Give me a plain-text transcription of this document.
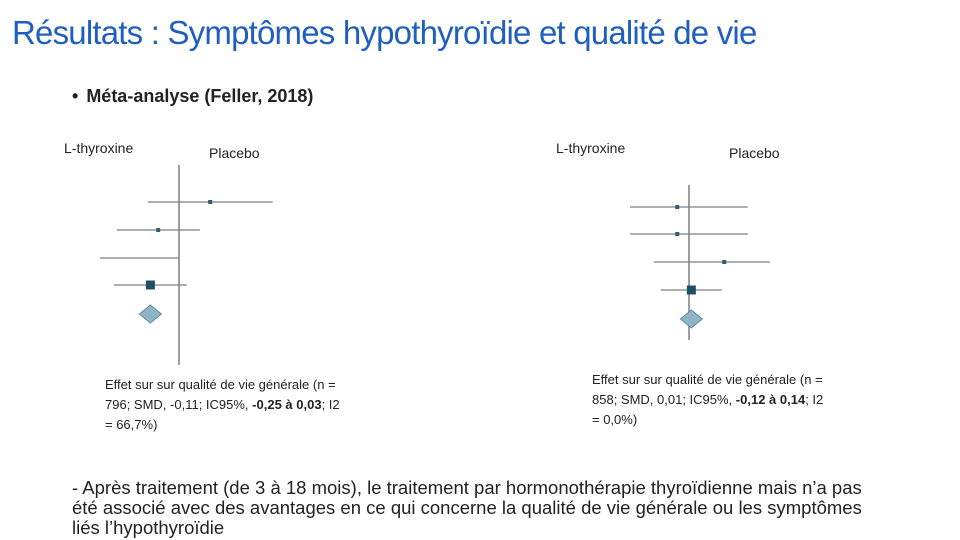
Résultats : Symptômes hypothyroïdie et qualité de vie
• Méta-analyse (Feller, 2018)
L-thyroxine	Placebo
Effet sur sur qualité de vie générale (n = 796; SMD, -0,11; IC95%, -0,25 à 0,03; I2 = 66,7%)
L-thyroxine	Placebo
Effet sur sur qualité de vie générale (n = 858; SMD, 0,01; IC95%, -0,12 à 0,14; I2 = 0,0%)
- Après traitement (de 3 à 18 mois), le traitement par hormonothérapie thyroïdienne mais n’a pas été associé avec des avantages en ce qui concerne la qualité de vie générale ou les symptômes liés l’hypothyroïdie
